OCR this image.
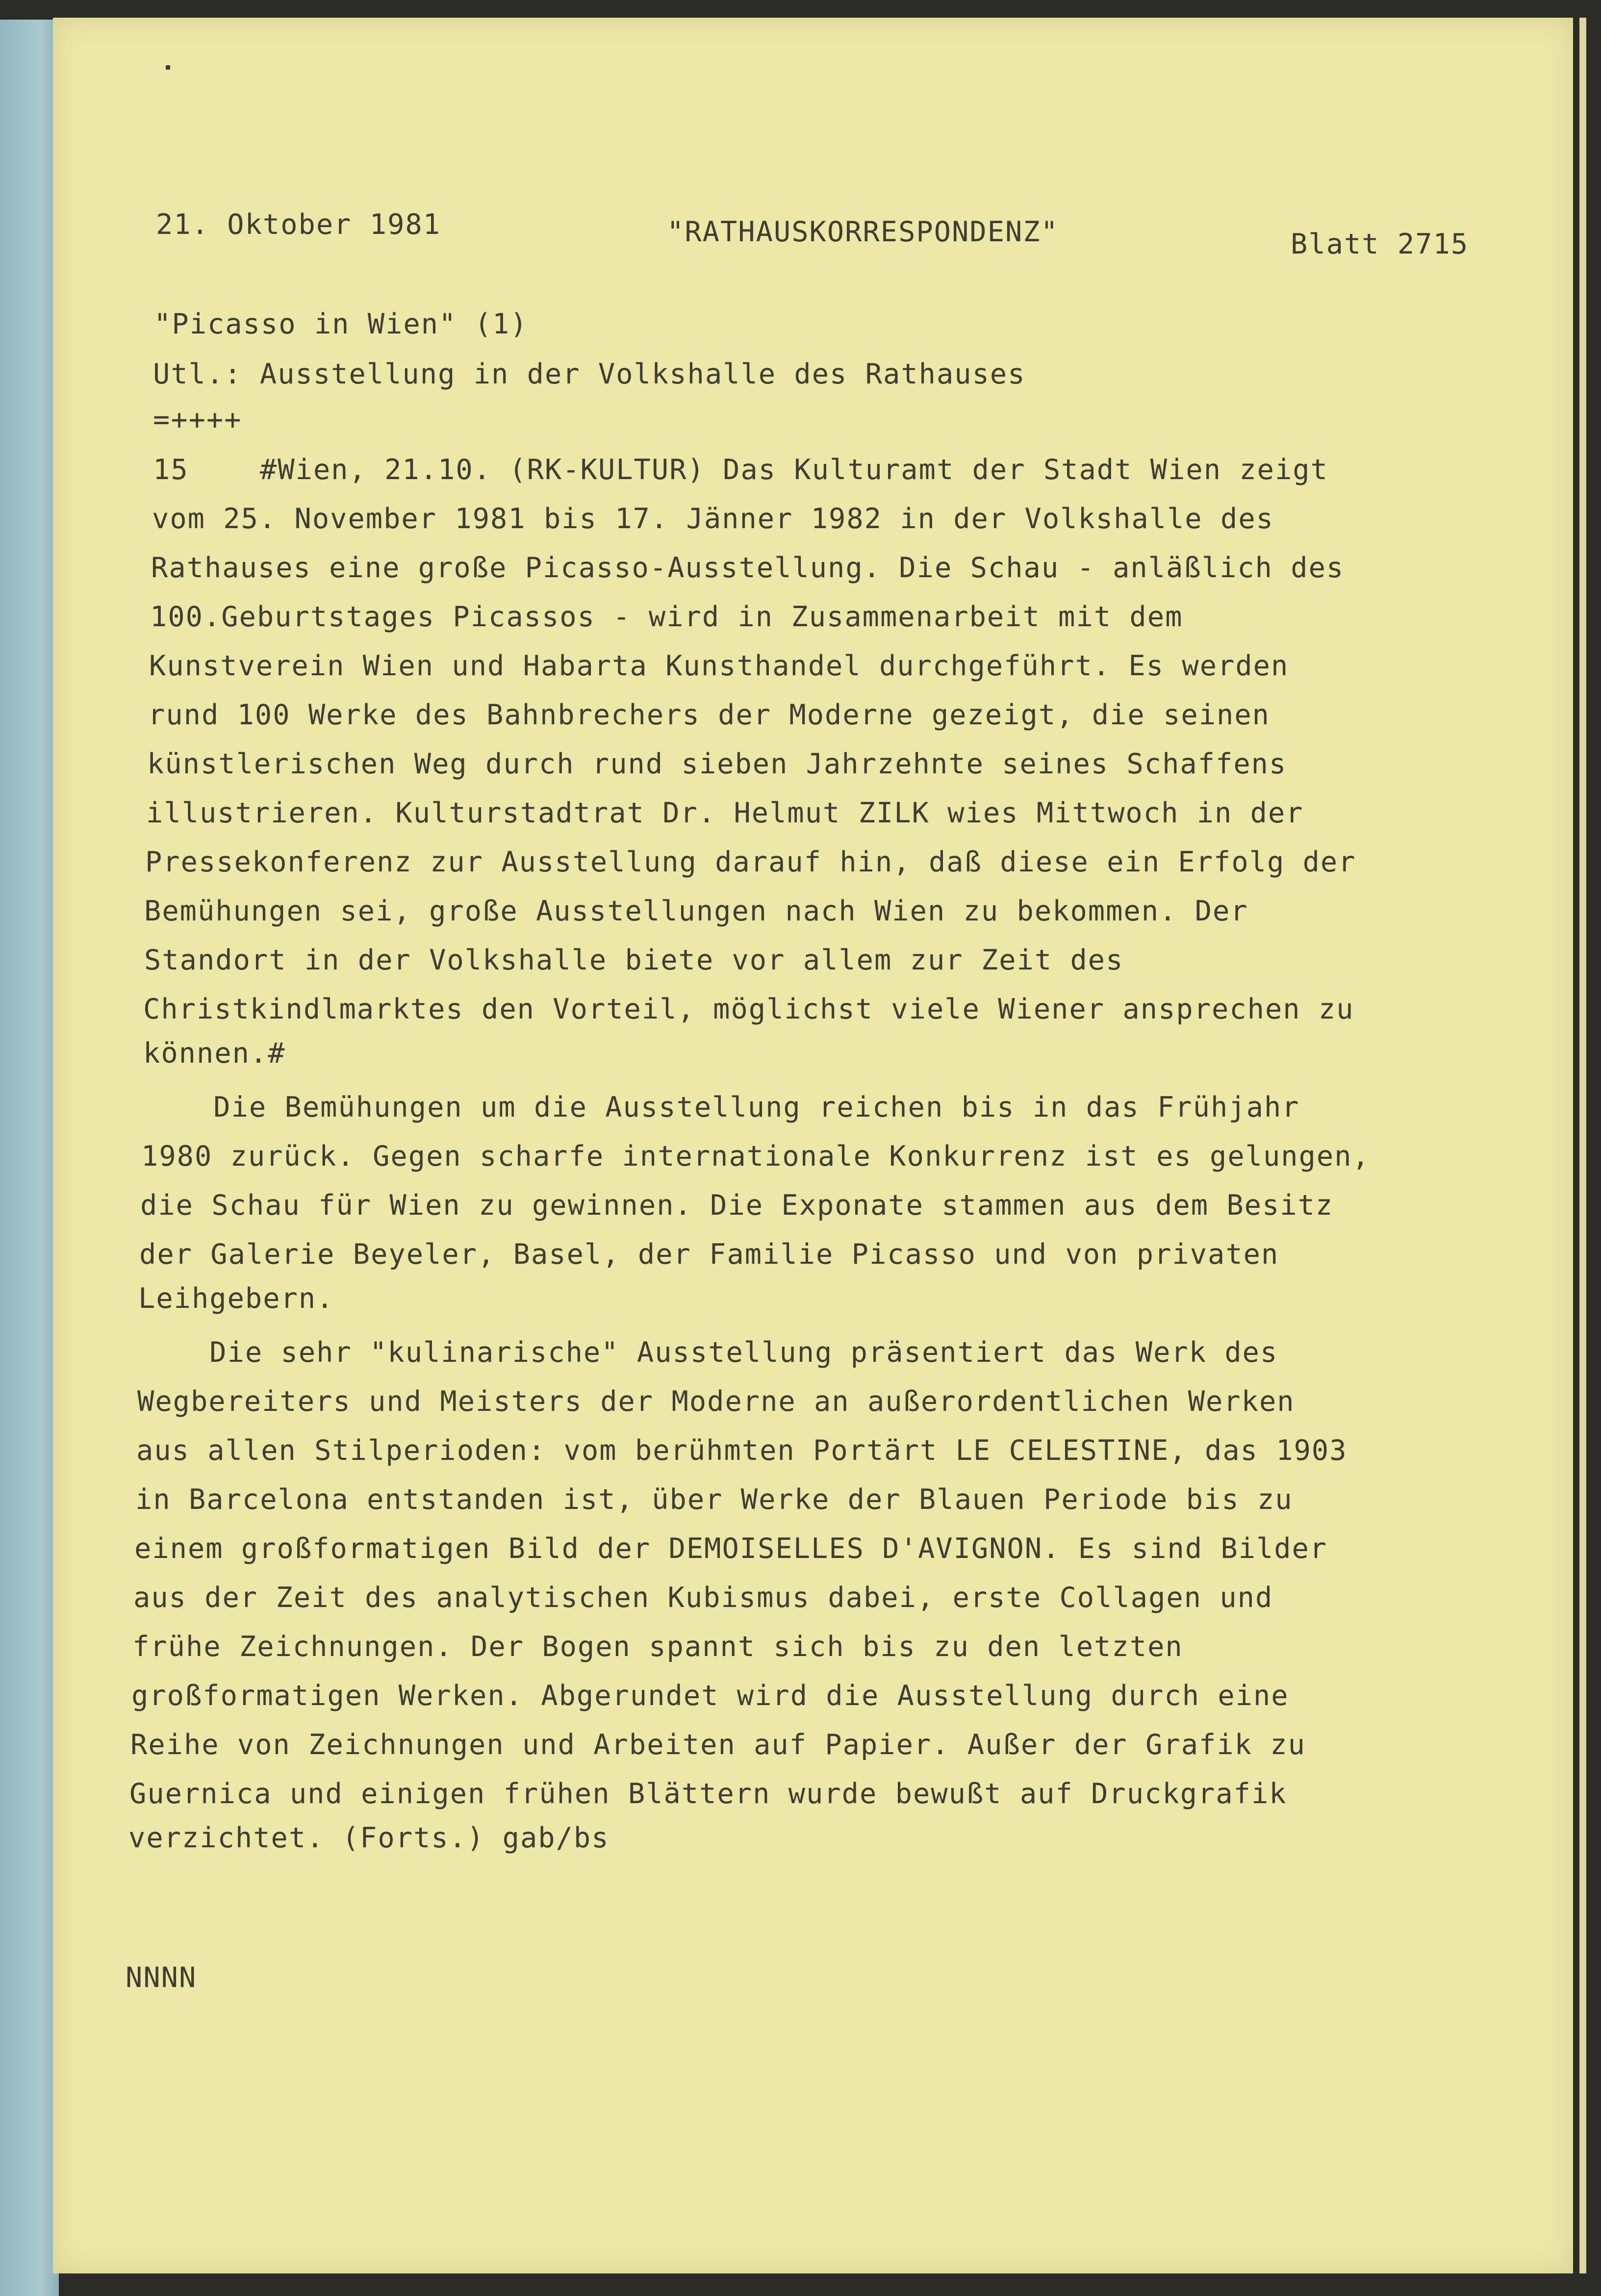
21. Oktober 1981	"RATHAUSKORRESPONDENZ"	Blatt 2715

"Picasso in Wien" (1)

Utl.: Ausstellung in der Volkshalle des Rathauses

=++++

15    #Wien, 21.10. (RK-KULTUR) Das Kulturamt der Stadt Wien zeigt

vom 25. November 1981 bis 17. Jänner 1982 in der Volkshalle des

Rathauses eine große Picasso-Ausstellung. Die Schau - anläßlich des

100.Geburtstages Picassos - wird in Zusammenarbeit mit dem

Kunstverein Wien und Habarta Kunsthandel durchgeführt. Es werden

rund 100 Werke des Bahnbrechers der Moderne gezeigt, die seinen

künstlerischen Weg durch rund sieben Jahrzehnte seines Schaffens

illustrieren. Kulturstadtrat Dr. Helmut ZILK wies Mittwoch in der

Pressekonferenz zur Ausstellung darauf hin, daß diese ein Erfolg der

Bemühungen sei, große Ausstellungen nach Wien zu bekommen. Der

Standort in der Volkshalle biete vor allem zur Zeit des

Christkindlmarktes den Vorteil, möglichst viele Wiener ansprechen zu

können.#

Die Bemühungen um die Ausstellung reichen bis in das Frühjahr

1980 zurück. Gegen scharfe internationale Konkurrenz ist es gelungen,

die Schau für Wien zu gewinnen. Die Exponate stammen aus dem Besitz

der Galerie Beyeler, Basel, der Familie Picasso und von privaten

Leihgebern.

Die sehr "kulinarische" Ausstellung präsentiert das Werk des

Wegbereiters und Meisters der Moderne an außerordentlichen Werken

aus allen Stilperioden: vom berühmten Portärt LE CELESTINE, das 1903

in Barcelona entstanden ist, über Werke der Blauen Periode bis zu

einem großformatigen Bild der DEMOISELLES D'AVIGNON. Es sind Bilder

aus der Zeit des analytischen Kubismus dabei, erste Collagen und

frühe Zeichnungen. Der Bogen spannt sich bis zu den letzten

großformatigen Werken. Abgerundet wird die Ausstellung durch eine

Reihe von Zeichnungen und Arbeiten auf Papier. Außer der Grafik zu

Guernica und einigen frühen Blättern wurde bewußt auf Druckgrafik

verzichtet. (Forts.) gab/bs

NNNN
